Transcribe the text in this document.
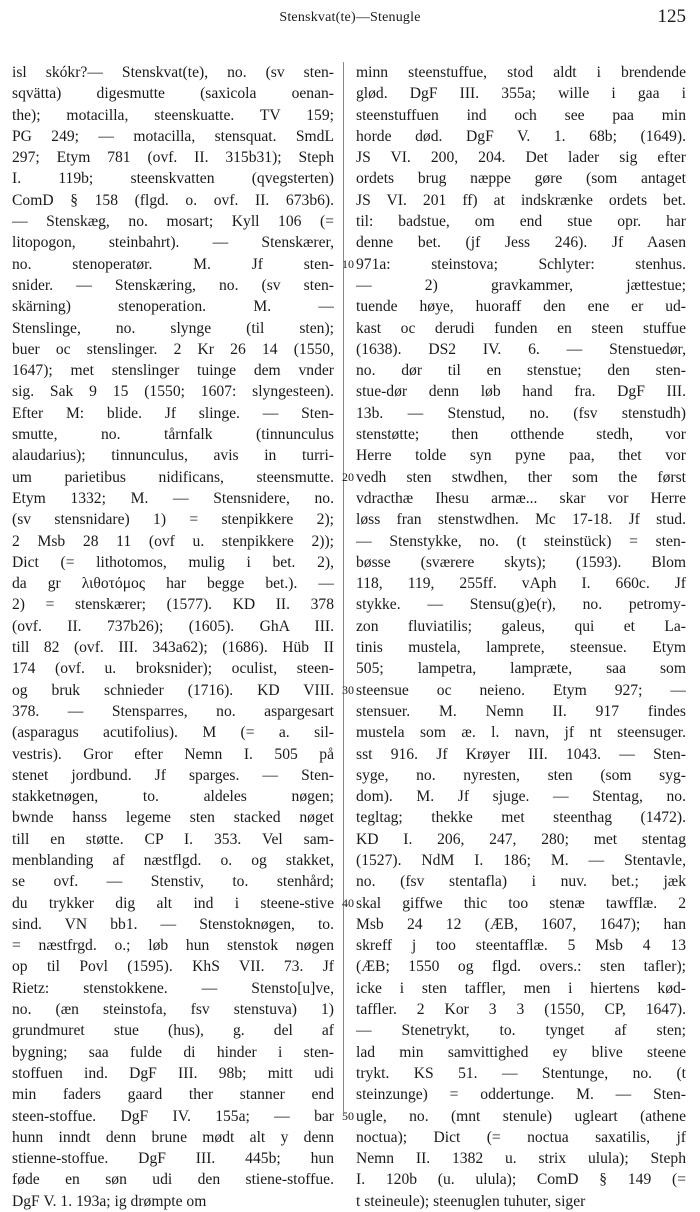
Stenskvat(te)—Stenugle	125
isl skókr?— Stenskvat(te), no. (sv sten-
sqvätta) digesmutte (saxicola oenan-
the); motacilla, steenskuatte. TV 159;
PG 249; — motacilla, stensquat. SmdL
297; Etym 781 (ovf. II. 315b31); Steph
I. 119b; steenskvatten (qvegsterten)
ComD § 158 (flgd. o. ovf. II. 673b6).
— Stenskæg, no. mosart; Kyll 106 (=
litopogon, steinbahrt). — Stenskærer,
no. stenoperatør. M. Jf sten-
snider. — Stenskæring, no. (sv sten-
skärning) stenoperation. M. —
Stenslinge, no. slynge (til sten);
buer oc stenslinger. 2 Kr 26 14 (1550,
1647); met stenslinger tuinge dem vnder
sig. Sak 9 15 (1550; 1607: slyngesteen).
Efter M: blide. Jf slinge. — Sten-
smutte, no. tårnfalk (tinnunculus
alaudarius); tinnunculus, avis in turri-
um parietibus nidificans, steensmutte.
Etym 1332; M. — Stensnidere, no.
(sv stensnidare) 1) = stenpikkere 2);
2 Msb 28 11 (ovf u. stenpikkere 2));
Dict (= lithotomos, mulig i bet. 2),
da gr λιθοτόμος har begge bet.). —
2) = stenskærer; (1577). KD II. 378
(ovf. II. 737b26); (1605). GhA III.
till 82 (ovf. III. 343a62); (1686). Hüb II
174 (ovf. u. broksnider); oculist, steen-
og bruk schnieder (1716). KD VIII.
378. — Stensparres, no. aspargesart
(asparagus acutifolius). M (= a. sil-
vestris). Gror efter Nemn I. 505 på
stenet jordbund. Jf sparges. — Sten-
stakketnøgen, to. aldeles nøgen;
bwnde hanss legeme sten stacked nøget
till en støtte. CP I. 353. Vel sam-
menblanding af næstflgd. o. og stakket,
se ovf. — Stenstiv, to. stenhård;
du trykker dig alt ind i steene-stive
sind. VN bb1. — Stenstoknøgen, to.
= næstfrgd. o.; løb hun stenstok nøgen
op til Povl (1595). KhS VII. 73. Jf
Rietz: stenstokkene. — Stensto[u]ve,
no. (æn steinstofa, fsv stenstuva) 1)
grundmuret stue (hus), g. del af
bygning; saa fulde di hinder i sten-
stoffuen ind. DgF III. 98b; mitt udi
min faders gaard ther stanner end
steen-stoffue. DgF IV. 155a; — bar
hunn inndt denn brune mødt alt y denn
stienne-stoffue. DgF III. 445b; hun
føde en søn udi den stiene-stoffue.
DgF V. 1. 193a; ig drømpte om
10
20
30
40
50
minn steenstuffue, stod aldt i brendende
glød. DgF III. 355a; wille i gaa i
steenstuffuen ind och see paa min
horde død. DgF V. 1. 68b; (1649).
JS VI. 200, 204. Det lader sig efter
ordets brug næppe gøre (som antaget
JS VI. 201 ff) at indskrænke ordets bet.
til: badstue, om end stue opr. har
denne bet. (jf Jess 246). Jf Aasen
971a: steinstova; Schlyter: stenhus.
— 2) gravkammer, jættestue;
tuende høye, huoraff den ene er ud-
kast oc derudi funden en steen stuffue
(1638). DS2 IV. 6. — Stenstuedør,
no. dør til en stenstue; den sten-
stue-dør denn løb hand fra. DgF III.
13b. — Stenstud, no. (fsv stenstudh)
stenstøtte; then otthende stedh, vor
Herre tolde syn pyne paa, thet vor
vedh sten stwdhen, ther som the først
vdracthæ Ihesu armæ... skar vor Herre
løss fran stenstwdhen. Mc 17-18. Jf stud.
— Stenstykke, no. (t steinstück) = sten-
bøsse (sværere skyts); (1593). Blom
118, 119, 255ff. vAph I. 660c. Jf
stykke. — Stensu(g)e(r), no. petromy-
zon fluviatilis; galeus, qui et La-
tinis mustela, lamprete, steensue. Etym
505; lampetra, lampræte, saa som
steensue oc neieno. Etym 927; —
stensuer. M. Nemn II. 917 findes
mustela som æ. l. navn, jf nt steensuger.
sst 916. Jf Krøyer III. 1043. — Sten-
syge, no. nyresten, sten (som syg-
dom). M. Jf sjuge. — Stentag, no.
tegltag; thekke met steenthag (1472).
KD I. 206, 247, 280; met stentag
(1527). NdM I. 186; M. — Stentavle,
no. (fsv stentafla) i nuv. bet.; jæk
skal giffwe thic too stenæ tawfflæ. 2
Msb 24 12 (ÆB, 1607, 1647); han
skreff j too steentafflæ. 5 Msb 4 13
(ÆB; 1550 og flgd. overs.: sten tafler);
icke i sten taffler, men i hiertens kød-
taffler. 2 Kor 3 3 (1550, CP, 1647).
— Stenetrykt, to. tynget af sten;
lad min samvittighed ey blive steene
trykt. KS 51. — Stentunge, no. (t
steinzunge) = oddertunge. M. — Sten-
ugle, no. (mnt stenule) ugleart (athene
noctua); Dict (= noctua saxatilis, jf
Nemn II. 1382 u. strix ulula); Steph
I. 120b (u. ulula); ComD § 149 (=
t steineule); steenuglen tuhuter, siger
